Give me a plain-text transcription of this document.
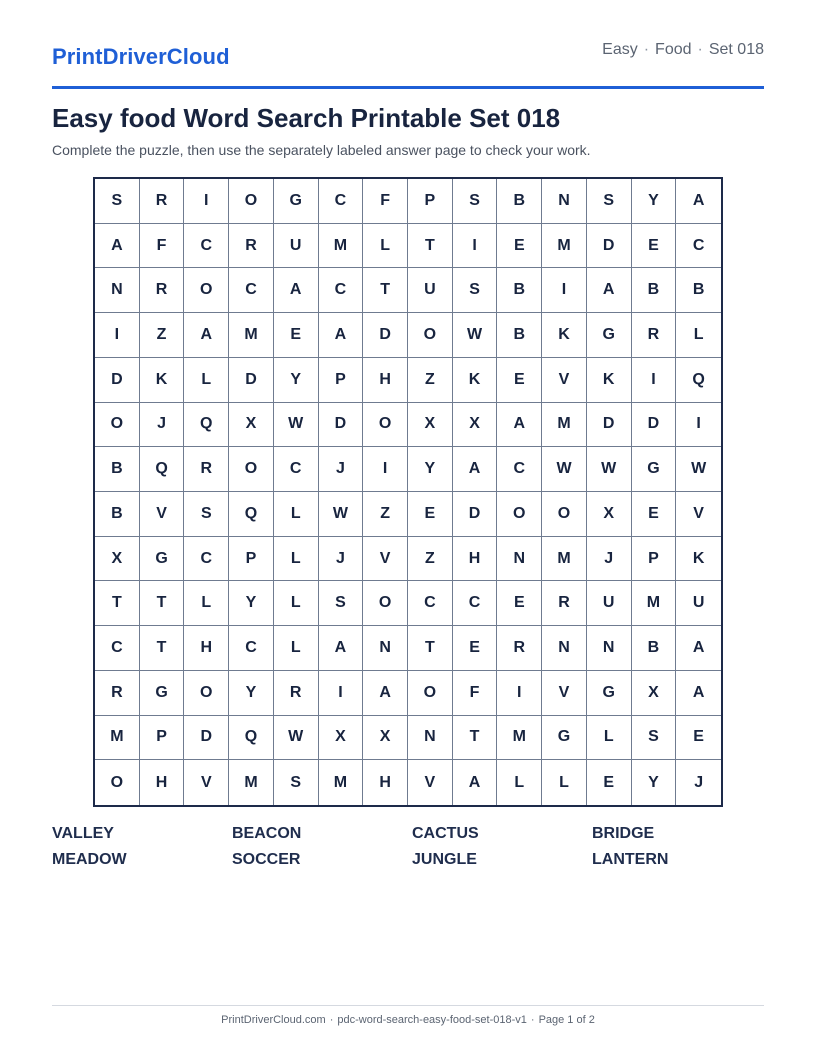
PrintDriverCloud	Easy · Food · Set 018
Easy food Word Search Printable Set 018
Complete the puzzle, then use the separately labeled answer page to check your work.
S	R	I	O	G	C	F	P	S	B	N	S	Y	A
A	F	C	R	U	M	L	T	I	E	M	D	E	C
N	R	O	C	A	C	T	U	S	B	I	A	B	B
I	Z	A	M	E	A	D	O	W	B	K	G	R	L
D	K	L	D	Y	P	H	Z	K	E	V	K	I	Q
O	J	Q	X	W	D	O	X	X	A	M	D	D	I
B	Q	R	O	C	J	I	Y	A	C	W	W	G	W
B	V	S	Q	L	W	Z	E	D	O	O	X	E	V
X	G	C	P	L	J	V	Z	H	N	M	J	P	K
T	T	L	Y	L	S	O	C	C	E	R	U	M	U
C	T	H	C	L	A	N	T	E	R	N	N	B	A
R	G	O	Y	R	I	A	O	F	I	V	G	X	A
M	P	D	Q	W	X	X	N	T	M	G	L	S	E
O	H	V	M	S	M	H	V	A	L	L	E	Y	J
VALLEY	BEACON	CACTUS	BRIDGE
MEADOW	SOCCER	JUNGLE	LANTERN
PrintDriverCloud.com · pdc-word-search-easy-food-set-018-v1 · Page 1 of 2
